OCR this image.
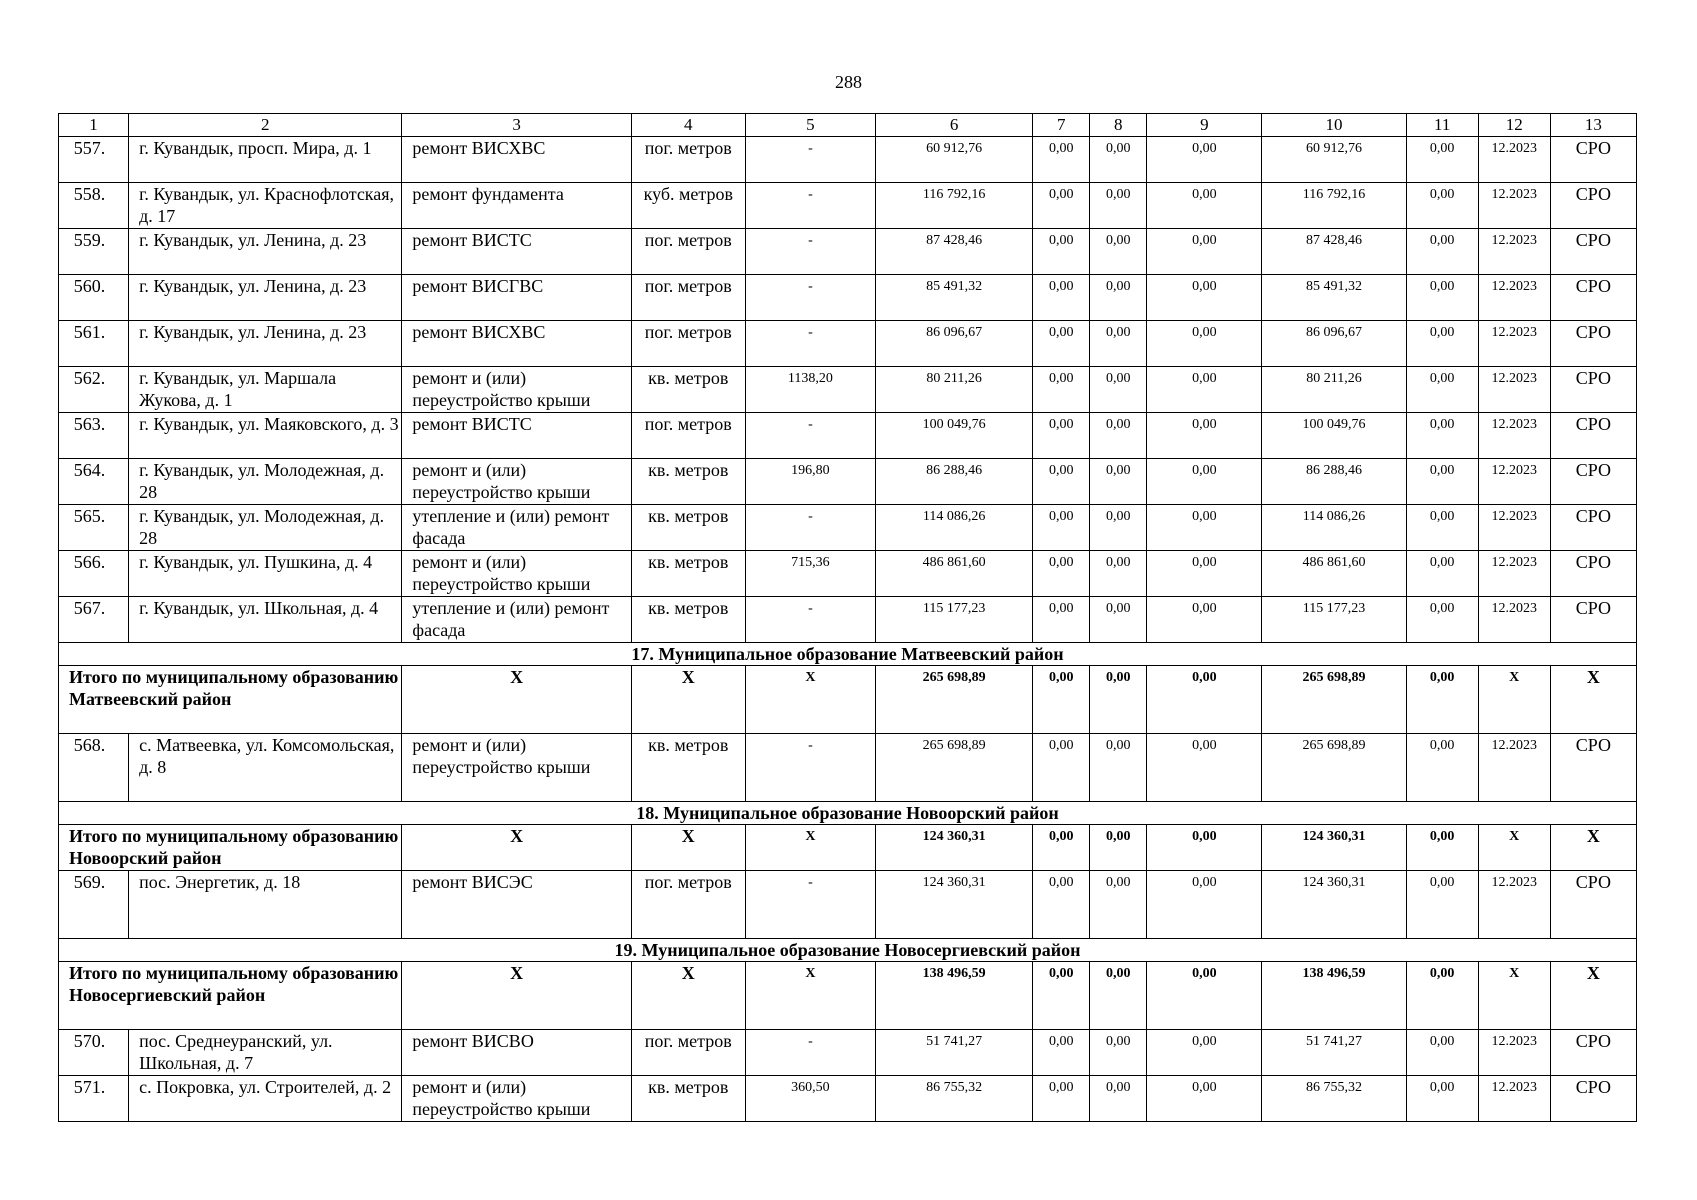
288
1	2	3	4	5	6	7	8	9	10	11	12	13
557.	г. Кувандык, просп. Мира, д. 1	ремонт ВИСХВС	пог. метров	-	60 912,76	0,00	0,00	0,00	60 912,76	0,00	12.2023	СРО
558.	г. Кувандык, ул. Краснофлотская, д. 17	ремонт фундамента	куб. метров	-	116 792,16	0,00	0,00	0,00	116 792,16	0,00	12.2023	СРО
559.	г. Кувандык, ул. Ленина, д. 23	ремонт ВИСТС	пог. метров	-	87 428,46	0,00	0,00	0,00	87 428,46	0,00	12.2023	СРО
560.	г. Кувандык, ул. Ленина, д. 23	ремонт ВИСГВС	пог. метров	-	85 491,32	0,00	0,00	0,00	85 491,32	0,00	12.2023	СРО
561.	г. Кувандык, ул. Ленина, д. 23	ремонт ВИСХВС	пог. метров	-	86 096,67	0,00	0,00	0,00	86 096,67	0,00	12.2023	СРО
562.	г. Кувандык, ул. Маршала Жукова, д. 1	ремонт и (или) переустройство крыши	кв. метров	1138,20	80 211,26	0,00	0,00	0,00	80 211,26	0,00	12.2023	СРО
563.	г. Кувандык, ул. Маяковского, д. 3	ремонт ВИСТС	пог. метров	-	100 049,76	0,00	0,00	0,00	100 049,76	0,00	12.2023	СРО
564.	г. Кувандык, ул. Молодежная, д. 28	ремонт и (или) переустройство крыши	кв. метров	196,80	86 288,46	0,00	0,00	0,00	86 288,46	0,00	12.2023	СРО
565.	г. Кувандык, ул. Молодежная, д. 28	утепление и (или) ремонт фасада	кв. метров	-	114 086,26	0,00	0,00	0,00	114 086,26	0,00	12.2023	СРО
566.	г. Кувандык, ул. Пушкина, д. 4	ремонт и (или) переустройство крыши	кв. метров	715,36	486 861,60	0,00	0,00	0,00	486 861,60	0,00	12.2023	СРО
567.	г. Кувандык, ул. Школьная, д. 4	утепление и (или) ремонт фасада	кв. метров	-	115 177,23	0,00	0,00	0,00	115 177,23	0,00	12.2023	СРО
17. Муниципальное образование Матвеевский район												
Итого по муниципальному образованию Матвеевский район		X	X	X	265 698,89	0,00	0,00	0,00	265 698,89	0,00	X	X
568.	с. Матвеевка, ул. Комсомольская, д. 8	ремонт и (или) переустройство крыши	кв. метров	-	265 698,89	0,00	0,00	0,00	265 698,89	0,00	12.2023	СРО
18. Муниципальное образование Новоорский район												
Итого по муниципальному образованию Новоорский район		X	X	X	124 360,31	0,00	0,00	0,00	124 360,31	0,00	X	X
569.	пос. Энергетик, д. 18	ремонт ВИСЭС	пог. метров	-	124 360,31	0,00	0,00	0,00	124 360,31	0,00	12.2023	СРО
19. Муниципальное образование Новосергиевский район												
Итого по муниципальному образованию Новосергиевский район		X	X	X	138 496,59	0,00	0,00	0,00	138 496,59	0,00	X	X
570.	пос. Среднеуранский, ул. Школьная, д. 7	ремонт ВИСВО	пог. метров	-	51 741,27	0,00	0,00	0,00	51 741,27	0,00	12.2023	СРО
571.	с. Покровка, ул. Строителей, д. 2	ремонт и (или) переустройство крыши	кв. метров	360,50	86 755,32	0,00	0,00	0,00	86 755,32	0,00	12.2023	СРО
